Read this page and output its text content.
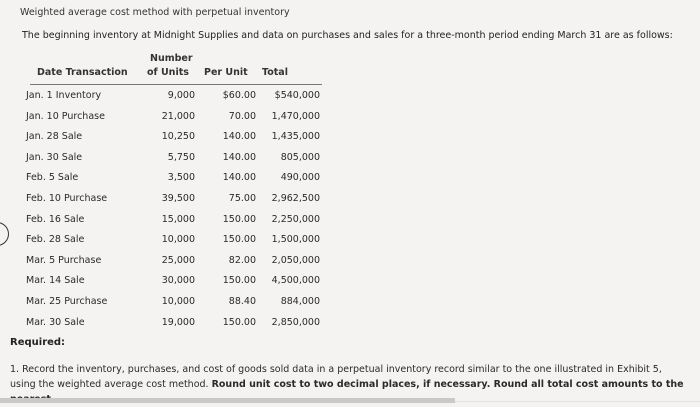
Weighted average cost method with perpetual inventory
The beginning inventory at Midnight Supplies and data on purchases and sales for a three-month period ending March 31 are as follows:
Date Transaction
Number
of Units Per Unit Total
Jan. 1 Inventory	9,000	$60.00 $540,000
Jan. 10 Purchase	21,000	70.00 1,470,000
Jan. 28 Sale	10,250	140.00 1,435,000
Jan. 30 Sale	5,750	140.00	805,000
Feb. 5 Sale	3,500	140.00	490,000
Feb. 10 Purchase	39,500	75.00 2,962,500
Feb. 16 Sale	15,000	150.00 2,250,000
Feb. 28 Sale	10,000	150.00 1,500,000
Mar. 5 Purchase	25,000	82.00 2,050,000
Mar. 14 Sale	30,000	150.00 4,500,000
Mar. 25 Purchase	10,000	88.40	884,000
Mar. 30 Sale	19,000	150.00 2,850,000
Required:
1. Record the inventory, purchases, and cost of goods sold data in a perpetual inventory record similar to the one illustrated in Exhibit 5, using the weighted average cost method. Round unit cost to two decimal places, if necessary. Round all total cost amounts to the
